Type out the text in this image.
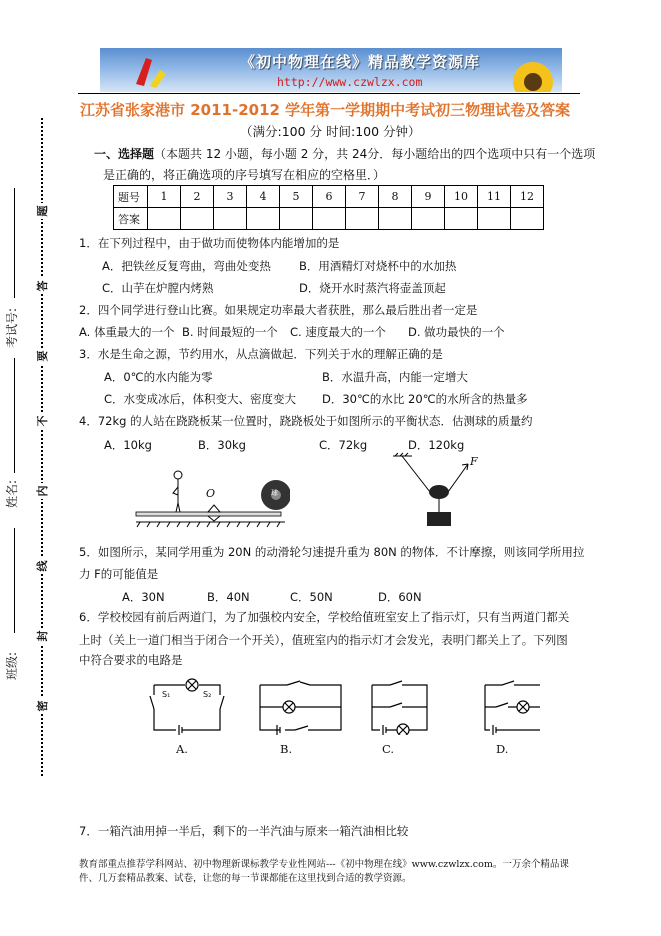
《初中物理在线》精品教学资源库
http://www.czwlzx.com
江苏省张家港市 2011-2012 学年第一学期期中考试初三物理试卷及答案
（满分:100 分 时间:100 分钟）
一、选择题（本题共 12 小题，每小题 2 分，共 24分．每小题给出的四个选项中只有一个选项
是正确的，将正确选项的序号填写在相应的空格里．）
题号	1	2	3	4	5	6	7	8	9	10	11	12
答案												
1．在下列过程中，由于做功而使物体内能增加的是
A．把铁丝反复弯曲，弯曲处变热 B．用酒精灯对烧杯中的水加热
C．山芋在炉膛内烤熟	D．烧开水时蒸汽将壶盖顶起
2．四个同学进行登山比赛。如果规定功率最大者获胜，那么最后胜出者一定是
A. 体重最大的一个 B. 时间最短的一个 C. 速度最大的一个 D. 做功最快的一个
3．水是生命之源，节约用水，从点滴做起．下列关于水的理解正确的是
A．0℃的水内能为零	B．水温升高，内能一定增大
C．水变成冰后，体积变大、密度变大 D．30℃的水比 20℃的水所含的热量多
4．72kg 的人站在跷跷板某一位置时，跷跷板处于如图所示的平衡状态．估测球的质量约
A．10kg	B．30kg	C．72kg	D．120kg
O	球
F
5．如图所示，某同学用重为 20N 的动滑轮匀速提升重为 80N 的物体．不计摩擦，则该同学所用拉
力 F的可能值是
A．30N	B．40N	C．50N	D．60N
6．学校校园有前后两道门，为了加强校内安全，学校给值班室安上了指示灯，只有当两道门都关
上时（关上一道门相当于闭合一个开关），值班室内的指示灯才会发光，表明门都关上了。下列图
中符合要求的电路是
A.	B.	C.	D.
S₁	S₂
7．一箱汽油用掉一半后，剩下的一半汽油与原来一箱汽油相比较
教育部重点推荐学科网站、初中物理新课标教学专业性网站---《初中物理在线》www.czwlzx.com。一万余个精品课
件、几万套精品教案、试卷，让您的每一节课都能在这里找到合适的教学资源。
题
答
要
不
内
线
封
密
考试号:
姓名:
班级:
